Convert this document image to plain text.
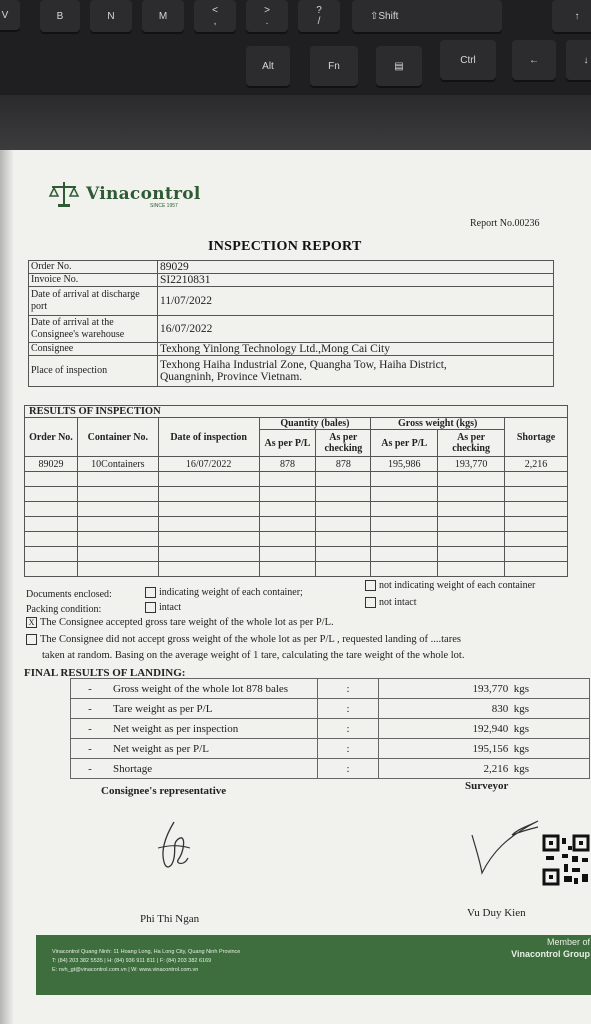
V	B	N	M	<
,
>
.
?
/	⇧Shift	↑
Alt	Fn	▤
Ctrl	←	↓
Vinacontrol
SINCE 1957
Report No.00236
INSPECTION REPORT
Order No.	89029
Invoice No.	SI2210831
Date of arrival at discharge port	11/07/2022
Date of arrival at the Consignee's warehouse	16/07/2022
Consignee	Texhong Yinlong Technology Ltd.,Mong Cai City
Place of inspection	Texhong Haiha Industrial Zone, Quangha Tow, Haiha District,
Quangninh, Province Vietnam.
RESULTS OF INSPECTION							
Order No.	Container No.	Date of inspection	Quantity (bales)		Gross weight (kgs)		Shortage
			As per P/L	As per checking	As per P/L	As per checking	
89029	10Containers	16/07/2022	878	878	195,986	193,770	2,216

Documents enclosed:	indicating weight of each container;
not indicating weight of each container
Packing condition:	intact	not intact
X The Consignee accepted gross tare weight of the whole lot as per P/L.
The Consignee did not accept gross weight of the whole lot as per P/L , requested landing of ....tares
taken at random. Basing on the average weight of 1 tare, calculating the tare weight of the whole lot.
FINAL RESULTS OF LANDING:
-	Gross weight of the whole lot 878 bales	:	193,770 kgs
-	Tare weight as per P/L	:	830 kgs
-	Net weight as per inspection	:	192,940 kgs
-	Net weight as per P/L	:	195,156 kgs
-	Shortage	:	2,216 kgs
Consignee's representative	Surveyor
Phi Thi Ngan	Vu Duy Kien
Vinacontrol Quang Ninh: 11 Hoang Long, Ha Long City, Quang Ninh Province
T: (84) 203 382 5535 | H: (84) 936 911 811 | F: (84) 203 382 6169
E: nvh_gt@vinacontrol.com.vn | W: www.vinacontrol.com.vn
Member of
Vinacontrol Group
